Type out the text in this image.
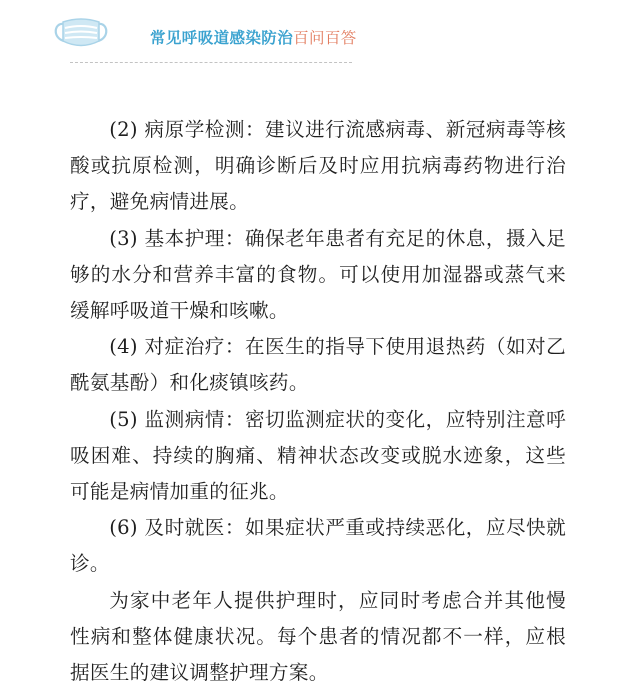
常见呼吸道感染防治百问百答

(2) 病原学检测：建议进行流感病毒、新冠病毒等核酸或抗原检测，明确诊断后及时应用抗病毒药物进行治疗，避免病情进展。

(3) 基本护理：确保老年患者有充足的休息，摄入足够的水分和营养丰富的食物。可以使用加湿器或蒸气来缓解呼吸道干燥和咳嗽。

(4) 对症治疗：在医生的指导下使用退热药（如对乙酰氨基酚）和化痰镇咳药。

(5) 监测病情：密切监测症状的变化，应特别注意呼吸困难、持续的胸痛、精神状态改变或脱水迹象，这些可能是病情加重的征兆。

(6) 及时就医：如果症状严重或持续恶化，应尽快就诊。

为家中老年人提供护理时，应同时考虑合并其他慢性病和整体健康状况。每个患者的情况都不一样，应根据医生的建议调整护理方案。
